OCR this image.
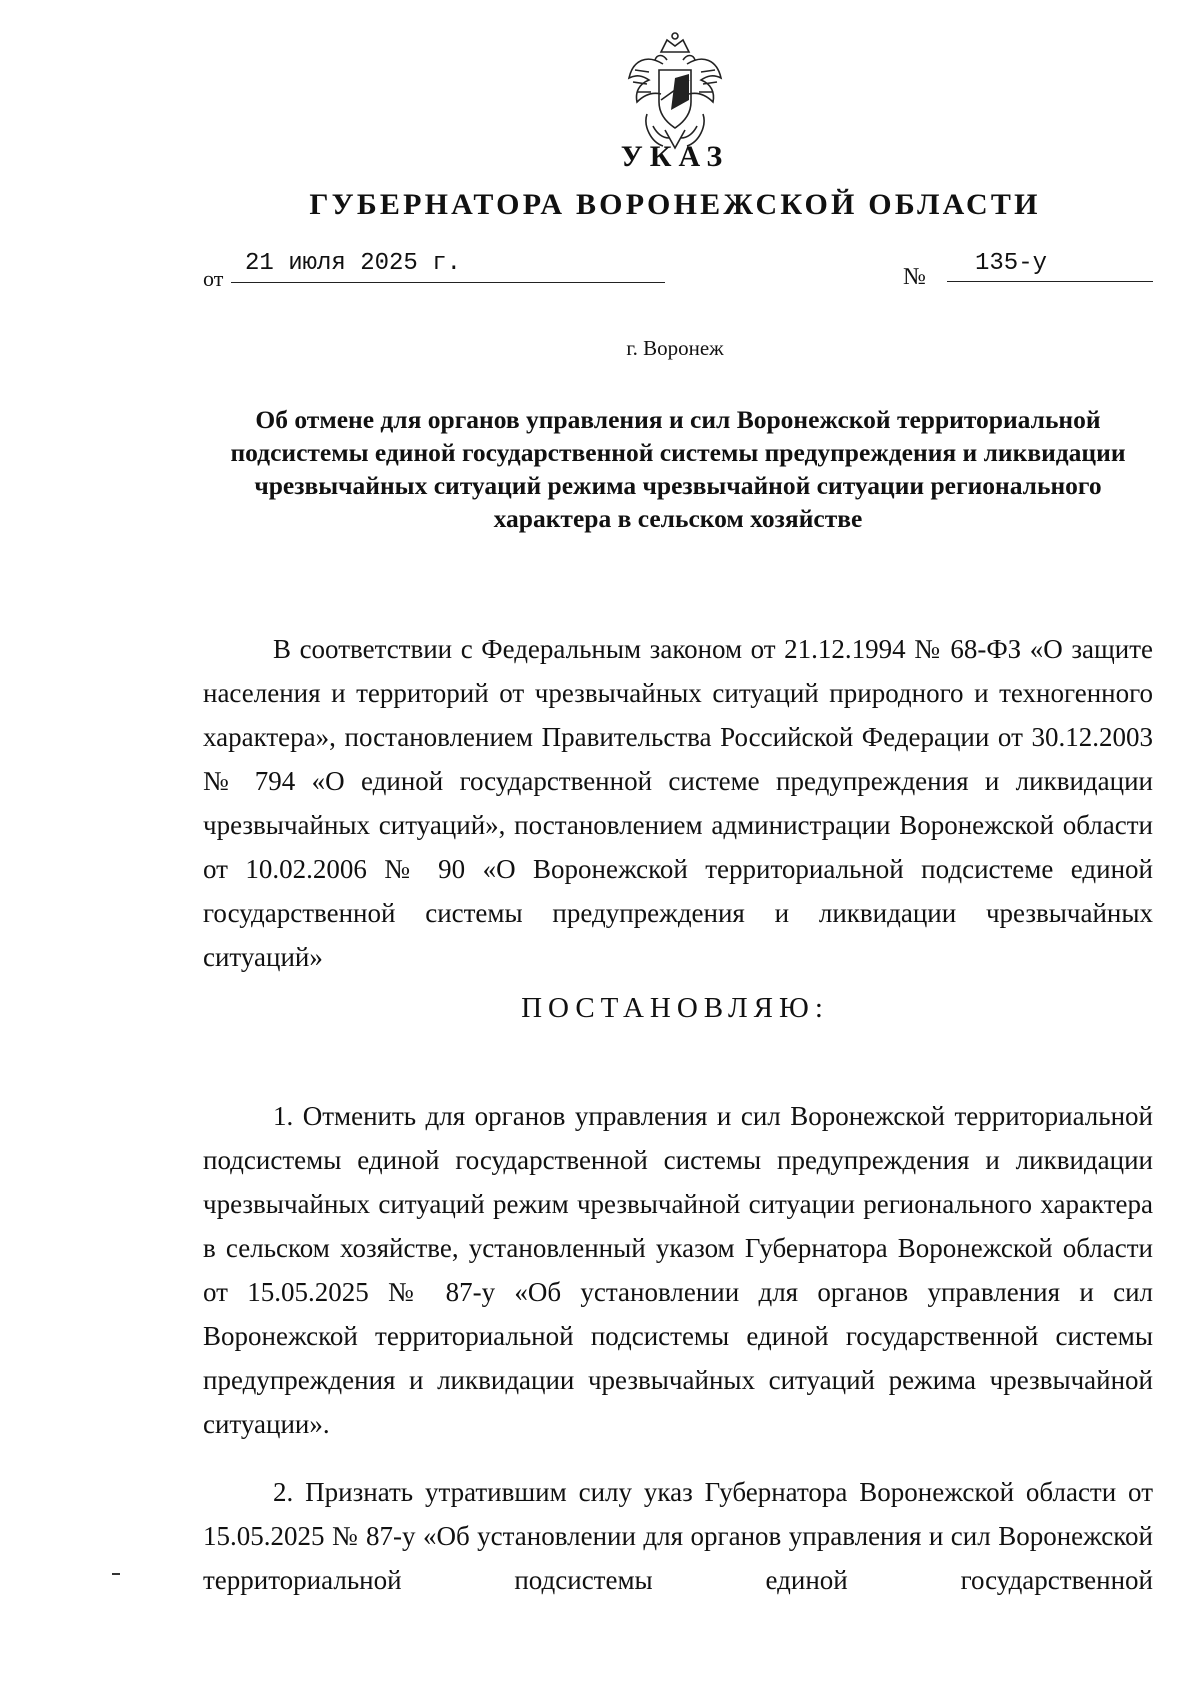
УКАЗ
ГУБЕРНАТОРА ВОРОНЕЖСКОЙ ОБЛАСТИ
от
21 июля 2025 г.	№	135-у
г. Воронеж
Об отмене для органов управления и сил Воронежской территориальной подсистемы единой государственной системы предупреждения и ликвидации чрезвычайных ситуаций режима чрезвычайной ситуации регионального характера в сельском хозяйстве
В соответствии с Федеральным законом от 21.12.1994 № 68-ФЗ «О защите населения и территорий от чрезвычайных ситуаций природного и техногенного характера», постановлением Правительства Российской Федерации от 30.12.2003 № 794 «О единой государственной системе предупреждения и ликвидации чрезвычайных ситуаций», постановлением администрации Воронежской области от 10.02.2006 № 90 «О Воронежской территориальной подсистеме единой государственной системы предупреждения и ликвидации чрезвычайных ситуаций»
ПОСТАНОВЛЯЮ:
1. Отменить для органов управления и сил Воронежской территориальной подсистемы единой государственной системы предупреждения и ликвидации чрезвычайных ситуаций режим чрезвычайной ситуации регионального характера в сельском хозяйстве, установленный указом Губернатора Воронежской области от 15.05.2025 № 87-у «Об установлении для органов управления и сил Воронежской территориальной подсистемы единой государственной системы предупреждения и ликвидации чрезвычайных ситуаций режима чрезвычайной ситуации».
2. Признать утратившим силу указ Губернатора Воронежской области от 15.05.2025 № 87-у «Об установлении для органов управления и сил Воронежской территориальной подсистемы единой государственной
